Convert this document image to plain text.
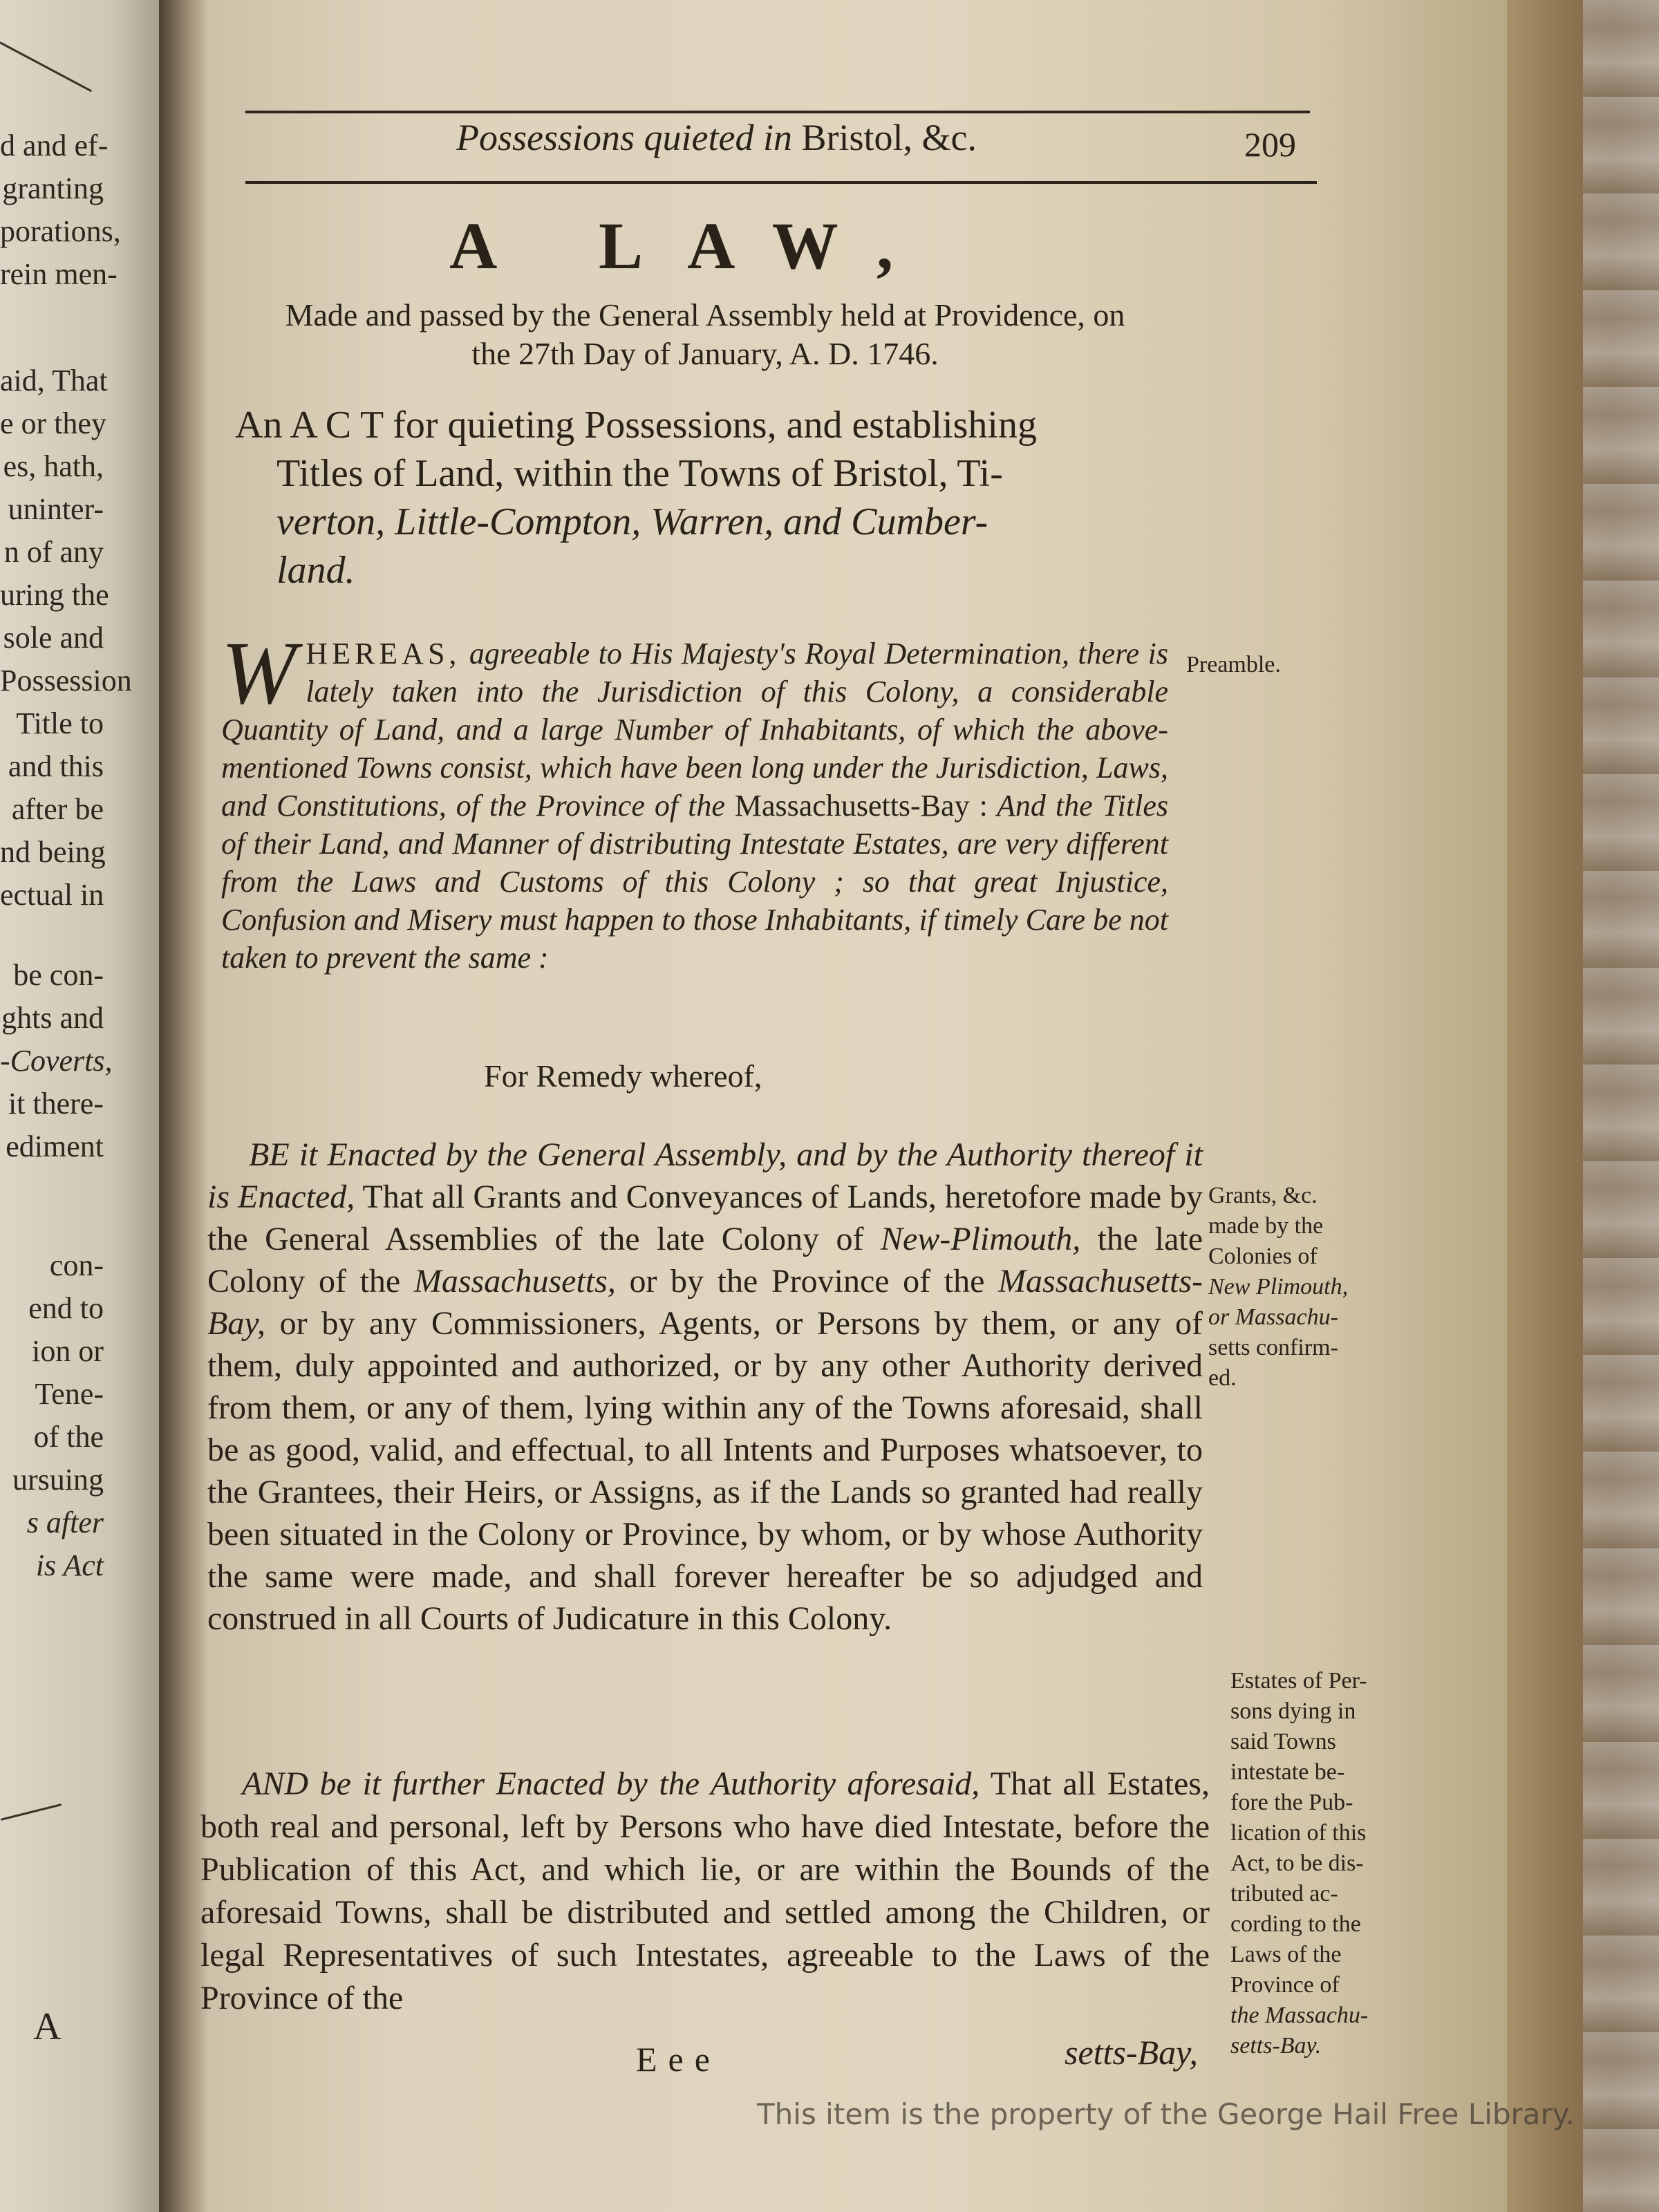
d and ef-
granting
porations,
rein men-
aid, That
e or they
es, hath,
uninter-
n of any
uring the
sole and
Possession
Title to
and this
after be
nd being
ectual in
be con-
ghts and
-Coverts,
it there-
ediment
con-
end to
ion or
Tene-
of the
ursuing
s after
is Act
A
Possessions quieted in Bristol, &c.	209
A LAW,
Made and passed by the General Assembly held at Providence, on
the 27th Day of January, A. D. 1746.
An A C T for quieting Possessions, and establishing
Titles of Land, within the Towns of Bristol, Ti-
verton, Little-Compton, Warren, and Cumber-
land.
W HEREAS, agreeable to His Majesty's Royal Determination, there is lately taken into the Jurisdiction of this Colony, a considerable Quantity of Land, and a large Number of Inhabitants, of which the above-mentioned Towns consist, which have been long under the Jurisdiction, Laws, and Constitutions, of the Province of the Massachusetts-Bay : And the Titles of their Land, and Manner of distributing Intestate Estates, are very different from the Laws and Customs of this Colony ; so that great Injustice, Confusion and Misery must happen to those Inhabitants, if timely Care be not taken to prevent the same :
Preamble.
For Remedy whereof,
BE it Enacted by the General Assembly, and by the Authority thereof it is Enacted, That all Grants and Conveyances of Lands, heretofore made by the General Assemblies of the late Colony of New-Plimouth, the late Colony of the Massachusetts, or by the Province of the Massachusetts-Bay, or by any Commissioners, Agents, or Persons by them, or any of them, duly appointed and authorized, or by any other Authority derived from them, or any of them, lying within any of the Towns aforesaid, shall be as good, valid, and effectual, to all Intents and Purposes whatsoever, to the Grantees, their Heirs, or Assigns, as if the Lands so granted had really been situated in the Colony or Province, by whom, or by whose Authority the same were made, and shall forever hereafter be so adjudged and construed in all Courts of Judicature in this Colony.
Grants, &c.
made by the
Colonies of
New Plimouth,
or Massachu-
setts confirm-
ed.
AND be it further Enacted by the Authority aforesaid, That all Estates, both real and personal, left by Persons who have died Intestate, before the Publication of this Act, and which lie, or are within the Bounds of the aforesaid Towns, shall be distributed and settled among the Children, or legal Representatives of such Intestates, agreeable to the Laws of the Province of the
Estates of Per-
sons dying in
said Towns
intestate be-
fore the Pub-
lication of this
Act, to be dis-
tributed ac-
cording to the
Laws of the
Province of
the Massachu-
setts-Bay.
Eee	setts-Bay,
This item is the property of the George Hail Free Library.
